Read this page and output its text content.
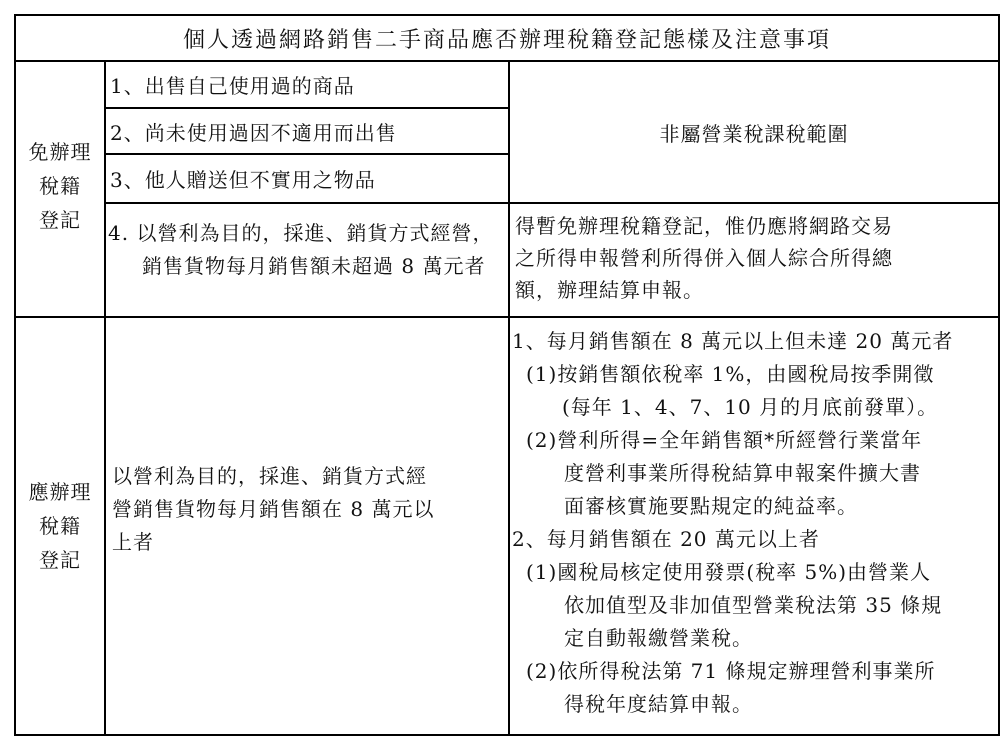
個人透過網路銷售二手商品應否辦理稅籍登記態樣及注意事項
免辦理
稅籍
登記
1、出售自己使用過的商品
2、尚未使用過因不適用而出售
3、他人贈送但不實用之物品
非屬營業稅課稅範圍
4. 以營利為目的，採進、銷貨方式經營，
銷售貨物每月銷售額未超過 8 萬元者
得暫免辦理稅籍登記，惟仍應將網路交易
之所得申報營利所得併入個人綜合所得總
額，辦理結算申報。
應辦理
稅籍
登記
以營利為目的，採進、銷貨方式經
營銷售貨物每月銷售額在 8 萬元以
上者
1、每月銷售額在 8 萬元以上但未達 20 萬元者
(1)按銷售額依稅率 1%，由國稅局按季開徵
(每年 1、4、7、10 月的月底前發單）。
(2)營利所得=全年銷售額*所經營行業當年
度營利事業所得稅結算申報案件擴大書
面審核實施要點規定的純益率。
2、每月銷售額在 20 萬元以上者
(1)國稅局核定使用發票(稅率 5%)由營業人
依加值型及非加值型營業稅法第 35 條規
定自動報繳營業稅。
(2)依所得稅法第 71 條規定辦理營利事業所
得稅年度結算申報。
